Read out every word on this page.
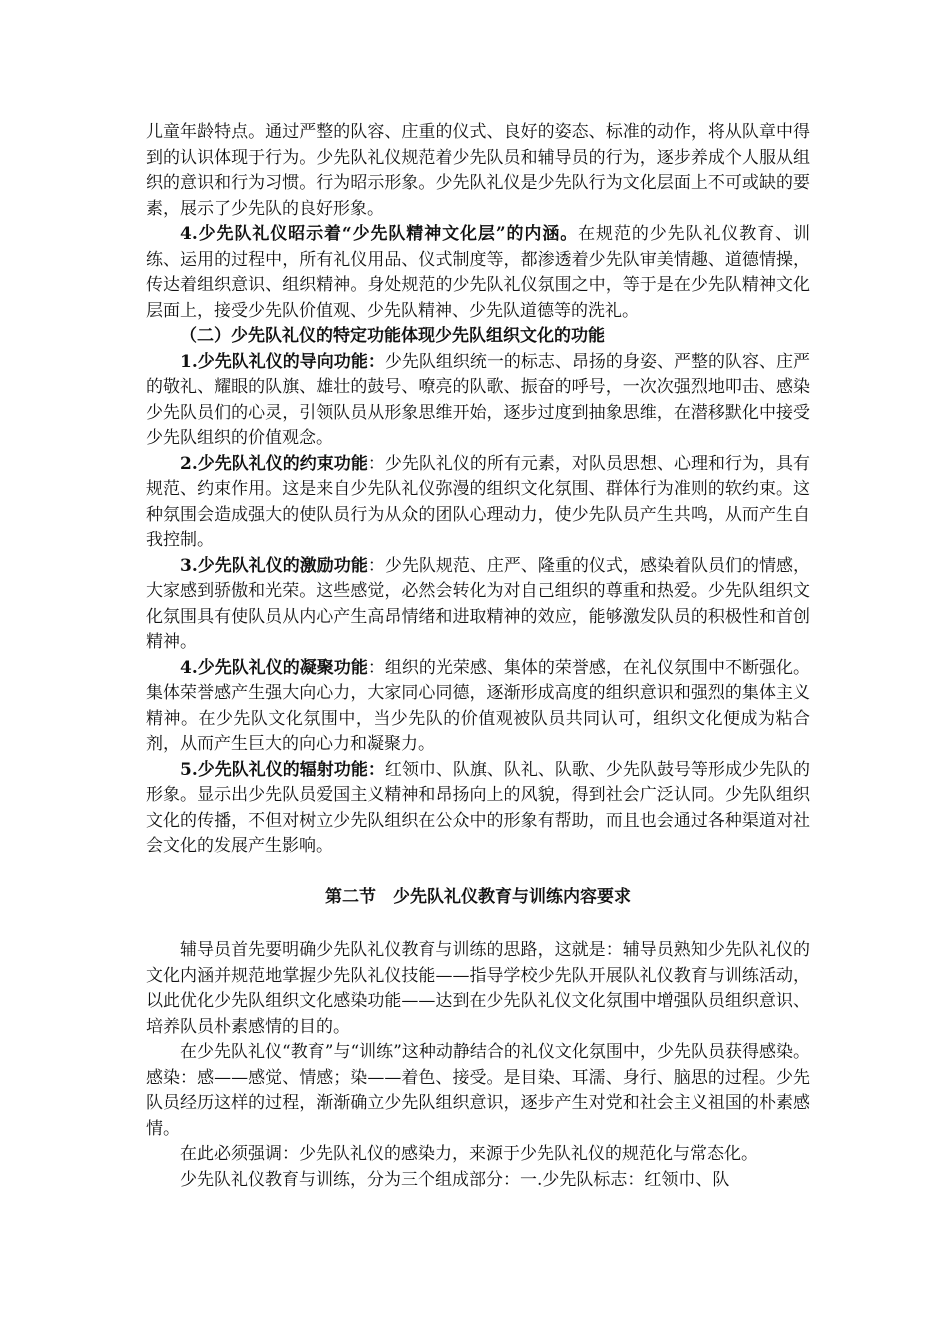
儿童年龄特点。通过严整的队容、庄重的仪式、良好的姿态、标准的动作，将从队章中得到的认识体现于行为。少先队礼仪规范着少先队员和辅导员的行为，逐步养成个人服从组织的意识和行为习惯。行为昭示形象。少先队礼仪是少先队行为文化层面上不可或缺的要素，展示了少先队的良好形象。

4.少先队礼仪昭示着“少先队精神文化层”的内涵。在规范的少先队礼仪教育、训练、运用的过程中，所有礼仪用品、仪式制度等，都渗透着少先队审美情趣、道德情操，传达着组织意识、组织精神。身处规范的少先队礼仪氛围之中，等于是在少先队精神文化层面上，接受少先队价值观、少先队精神、少先队道德等的洗礼。

（二）少先队礼仪的特定功能体现少先队组织文化的功能

1.少先队礼仪的导向功能：少先队组织统一的标志、昂扬的身姿、严整的队容、庄严的敬礼、耀眼的队旗、雄壮的鼓号、嘹亮的队歌、振奋的呼号，一次次强烈地叩击、感染少先队员们的心灵，引领队员从形象思维开始，逐步过度到抽象思维，在潜移默化中接受少先队组织的价值观念。

2.少先队礼仪的约束功能：少先队礼仪的所有元素，对队员思想、心理和行为，具有规范、约束作用。这是来自少先队礼仪弥漫的组织文化氛围、群体行为准则的软约束。这种氛围会造成强大的使队员行为从众的团队心理动力，使少先队员产生共鸣，从而产生自我控制。

3.少先队礼仪的激励功能：少先队规范、庄严、隆重的仪式，感染着队员们的情感，大家感到骄傲和光荣。这些感觉，必然会转化为对自己组织的尊重和热爱。少先队组织文化氛围具有使队员从内心产生高昂情绪和进取精神的效应，能够激发队员的积极性和首创精神。

4.少先队礼仪的凝聚功能：组织的光荣感、集体的荣誉感，在礼仪氛围中不断强化。集体荣誉感产生强大向心力，大家同心同德，逐渐形成高度的组织意识和强烈的集体主义精神。在少先队文化氛围中，当少先队的价值观被队员共同认可，组织文化便成为粘合剂，从而产生巨大的向心力和凝聚力。

5.少先队礼仪的辐射功能：红领巾、队旗、队礼、队歌、少先队鼓号等形成少先队的形象。显示出少先队员爱国主义精神和昂扬向上的风貌，得到社会广泛认同。少先队组织文化的传播，不但对树立少先队组织在公众中的形象有帮助，而且也会通过各种渠道对社会文化的发展产生影响。

第二节　少先队礼仪教育与训练内容要求

辅导员首先要明确少先队礼仪教育与训练的思路，这就是：辅导员熟知少先队礼仪的文化内涵并规范地掌握少先队礼仪技能——指导学校少先队开展队礼仪教育与训练活动，以此优化少先队组织文化感染功能——达到在少先队礼仪文化氛围中增强队员组织意识、培养队员朴素感情的目的。

在少先队礼仪“教育”与“训练”这种动静结合的礼仪文化氛围中，少先队员获得感染。感染：感——感觉、情感；染——着色、接受。是目染、耳濡、身行、脑思的过程。少先队员经历这样的过程，渐渐确立少先队组织意识，逐步产生对党和社会主义祖国的朴素感情。

在此必须强调：少先队礼仪的感染力，来源于少先队礼仪的规范化与常态化。

少先队礼仪教育与训练，分为三个组成部分：一.少先队标志：红领巾、队
